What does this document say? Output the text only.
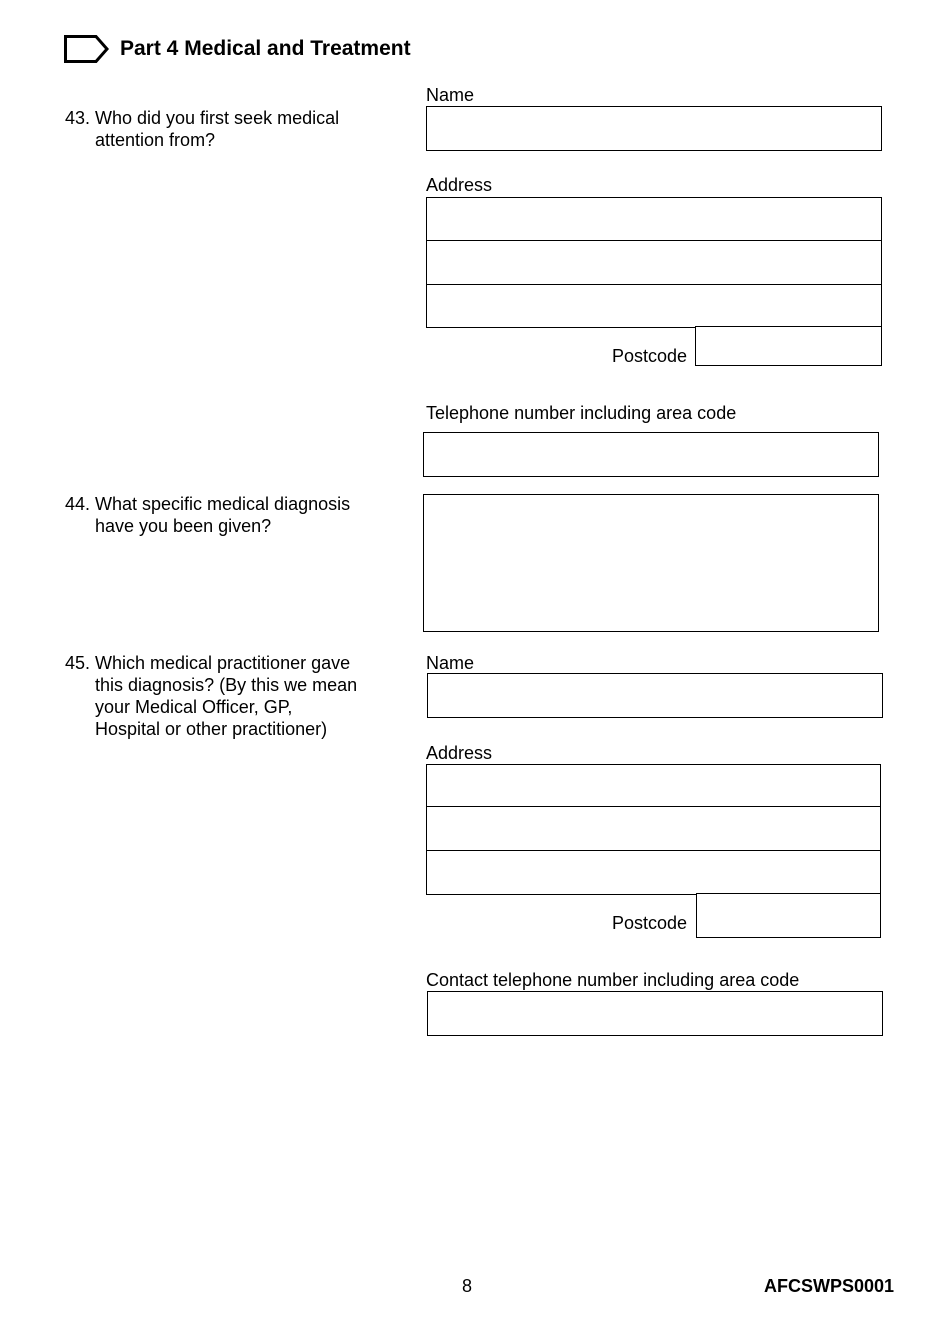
Part 4 Medical and Treatment
43. Who did you first seek medical
attention from?
Name
Address
Postcode
Telephone number including area code
44. What specific medical diagnosis
have you been given?
45. Which medical practitioner gave
this diagnosis? (By this we mean
your Medical Officer, GP,
Hospital or other practitioner)
Name
Address
Postcode
Contact telephone number including area code
8	AFCSWPS0001
